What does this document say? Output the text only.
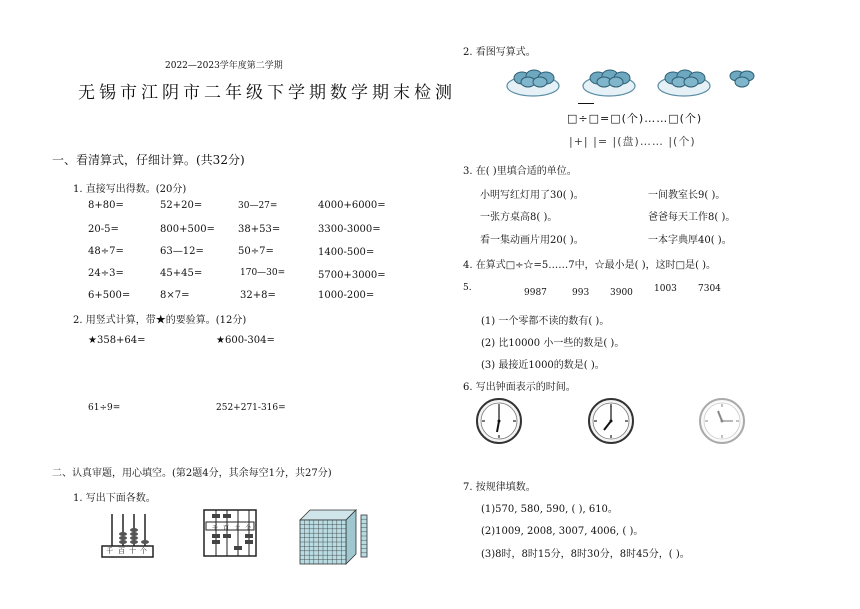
2022—2023学年度第二学期
无锡市江阴市二年级下学期数学期末检测
一、看清算式，仔细计算。(共32分)
1. 直接写出得数。(20分)
8+80=	52+20=	30—27=	4000+6000=
20-5=	800+500= 38+53=	3300-3000=
48÷7=	63—12=	50÷7=	1400-500=
24÷3=	45+45=	170—30=	5700+3000=
6+500=	8×7=	32+8=	1000-200=
2. 用竖式计算，带★的要验算。(12分)
★358+64=	★600-304=
61÷9=	252+271-316=
二、认真审题，用心填空。(第2题4分，其余每空1分，共27分)
1. 写出下面各数。
千 百 十 个
千 百 十 个
2. 看图写算式。
□÷□=□(个)……□(个)
|+| |= |(盘)…… |(个)
3. 在( )里填合适的单位。
小明写红灯用了30( )。	一间教室长9( )。
一张方桌高8( )。	爸爸每天工作8( )。
看一集动画片用20( )。	一本字典厚40( )。
4. 在算式□÷☆=5……7中，☆最小是( )，这时□是( )。
5.	9987	993 3900 1003 7304
(1) 一个零都不读的数有( )。
(2) 比10000 小一些的数是( )。
(3) 最接近1000的数是( )。
6. 写出钟面表示的时间。
7. 按规律填数。
(1)570, 580, 590, ( ), 610。
(2)1009, 2008, 3007, 4006, ( )。
(3)8时，8时15分，8时30分，8时45分，( )。
